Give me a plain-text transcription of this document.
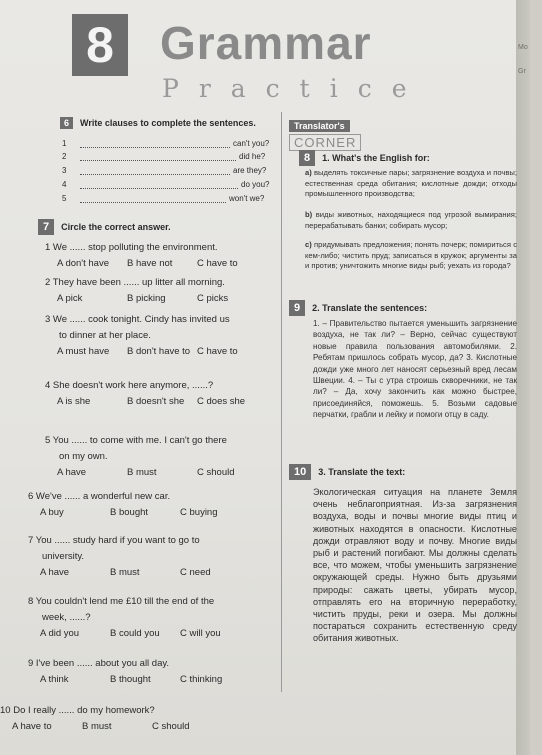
Mo
Gr
8	Grammar
Practice
6	Write clauses to complete the sentences.
1	can't you?
2	did he?
3	are they?
4	do you?
5	won't we?
7	Circle the correct answer.
1 We ...... stop polluting the environment.
A don't have B have not	C have to
2 They have been ...... up litter all morning.
A pick	B picking	C picks
3 We ...... cook tonight. Cindy has invited us
to dinner at her place.
A must have B don't have to C have to
4 She doesn't work here anymore, ......?
A is she	B doesn't she C does she
5 You ...... to come with me. I can't go there
on my own.
A have	B must	C should
6 We've ...... a wonderful new car.
A buy	B bought	C buying
7 You ...... study hard if you want to go to
university.
A have	B must	C need
8 You couldn't lend me £10 till the end of the
week, ......?
A did you	B could you C will you
9 I've been ...... about you all day.
A think	B thought	C thinking
10 Do I really ...... do my homework?
A have to	B must	C should
Translator's
CORNER
8	1. What's the English for:
a) выделять токсичные пары; загрязнение воздуха и почвы; естественная среда обитания; кислотные дожди; отходы промышленного производства;
b) виды животных, находящиеся под угрозой вымирания; перерабатывать банки; собирать мусор;
c) придумывать предложения; понять почерк; помириться с кем-либо; чистить пруд; записаться в кружок; аргументы за и против; уничтожить многие виды рыб; уехать из города?
9	2. Translate the sentences:
1. – Правительство пытается уменьшить загрязнение воздуха, не так ли? – Верно, сейчас существуют новые правила пользования автомобилями. 2. Ребятам пришлось собрать мусор, да? 3. Кислотные дожди уже много лет наносят серьезный вред лесам Швеции. 4. – Ты с утра строишь скворечники, не так ли? – Да, хочу закончить как можно быстрее, присоединяйся, поможешь. 5. Возьми садовые перчатки, грабли и лейку и помоги отцу в саду.
10	3. Translate the text:
Экологическая ситуация на планете Земля очень неблагоприятная. Из-за загрязнения воздуха, воды и почвы многие виды птиц и животных находятся в опасности. Кислотные дожди отравляют воду и почву. Многие виды рыб и растений погибают. Мы должны сделать все, что можем, чтобы уменьшить загрязнение окружающей среды. Нужно быть друзьями природы: сажать цветы, убирать мусор, отправлять его на вторичную переработку, чистить пруды, реки и озера. Мы должны постараться сохранить естественную среду обитания животных.
